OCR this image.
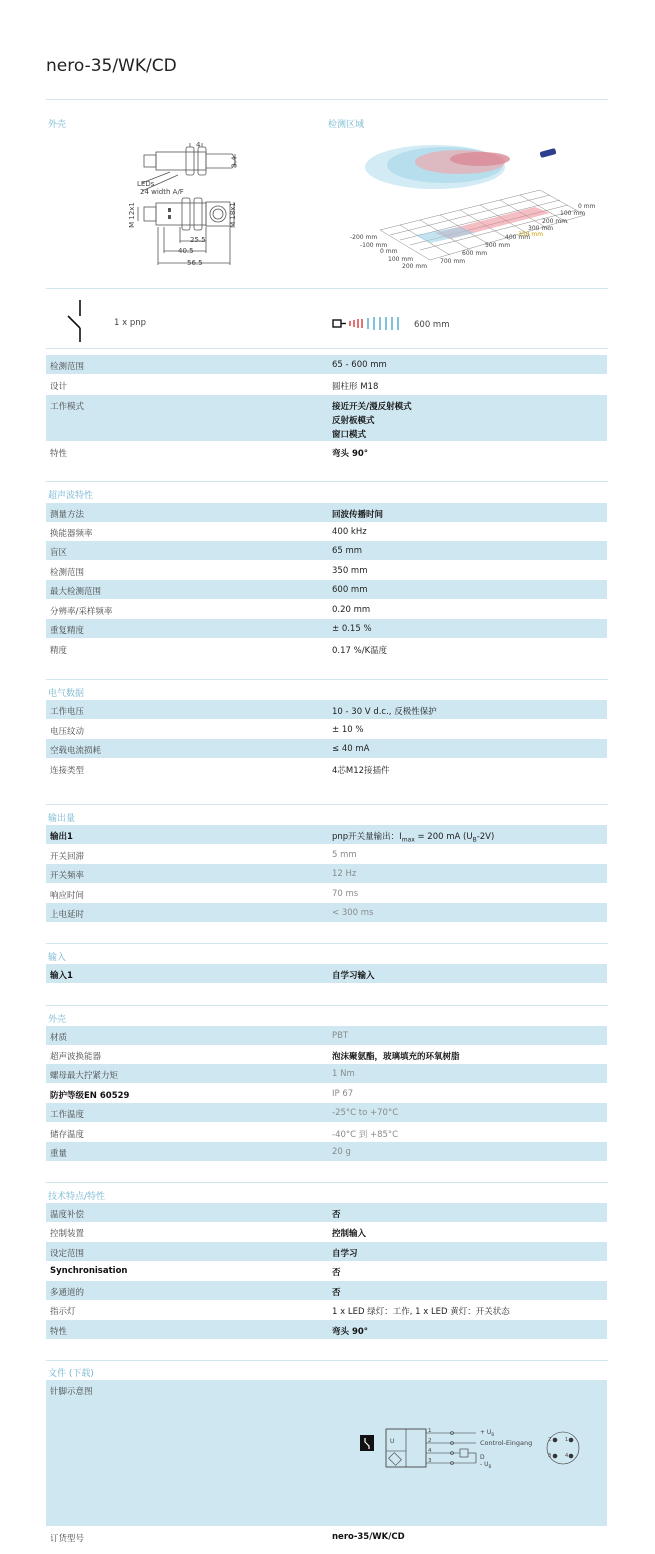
nero-35/WK/CD
外壳	检测区域
4
3.4
LEDs
24 width A/F
M 12x1	M 18x1
25.5
40.5
56.5
0 mm
100 mm
200 mm
300 mm
350 mm
-200 mm
-100 mm
0 mm
100 mm
200 mm
400 mm
500 mm
600 mm
700 mm
1 x pnp	600 mm
检测范围	65 - 600 mm
设计	圆柱形 M18
工作模式	接近开关/漫反射模式
反射板模式
窗口模式
特性	弯头 90°
超声波特性
测量方法	回波传播时间
换能器频率	400 kHz
盲区	65 mm
检测范围	350 mm
最大检测范围	600 mm
分辨率/采样频率	0.20 mm
重复精度	± 0.15 %
精度	0.17 %/K温度
电气数据
工作电压	10 - 30 V d.c., 反极性保护
电压纹动	± 10 %
空载电流损耗	≤ 40 mA
连接类型	4芯M12接插件
输出量
输出1	pnp开关量输出：$I_{max} = 200$ mA $(U_B-2V)$
开关回滞	5 mm
开关频率	12 Hz
响应时间	70 ms
上电延时	< 300 ms
输入
输入1	自学习输入
外壳
材质	PBT
超声波换能器	泡沫聚氨酯，玻璃填充的环氧树脂
螺母最大拧紧力矩	1 Nm
防护等级EN 60529	IP 67
工作温度	-25°C to +70°C
储存温度	-40°C 到 +85°C
重量	20 g
技术特点/特性
温度补偿	否
控制装置	控制输入
设定范围	自学习
Synchronisation	否
多通道的	否
指示灯	1 x LED 绿灯：工作, 1 x LED 黄灯：开关状态
特性	弯头 90°
文件 (下载)
针脚示意图
1
2
4
3
U
+ $U_B$
Control-Eingang
D
- $U_B$
2	1
3	4
订货型号	nero-35/WK/CD
